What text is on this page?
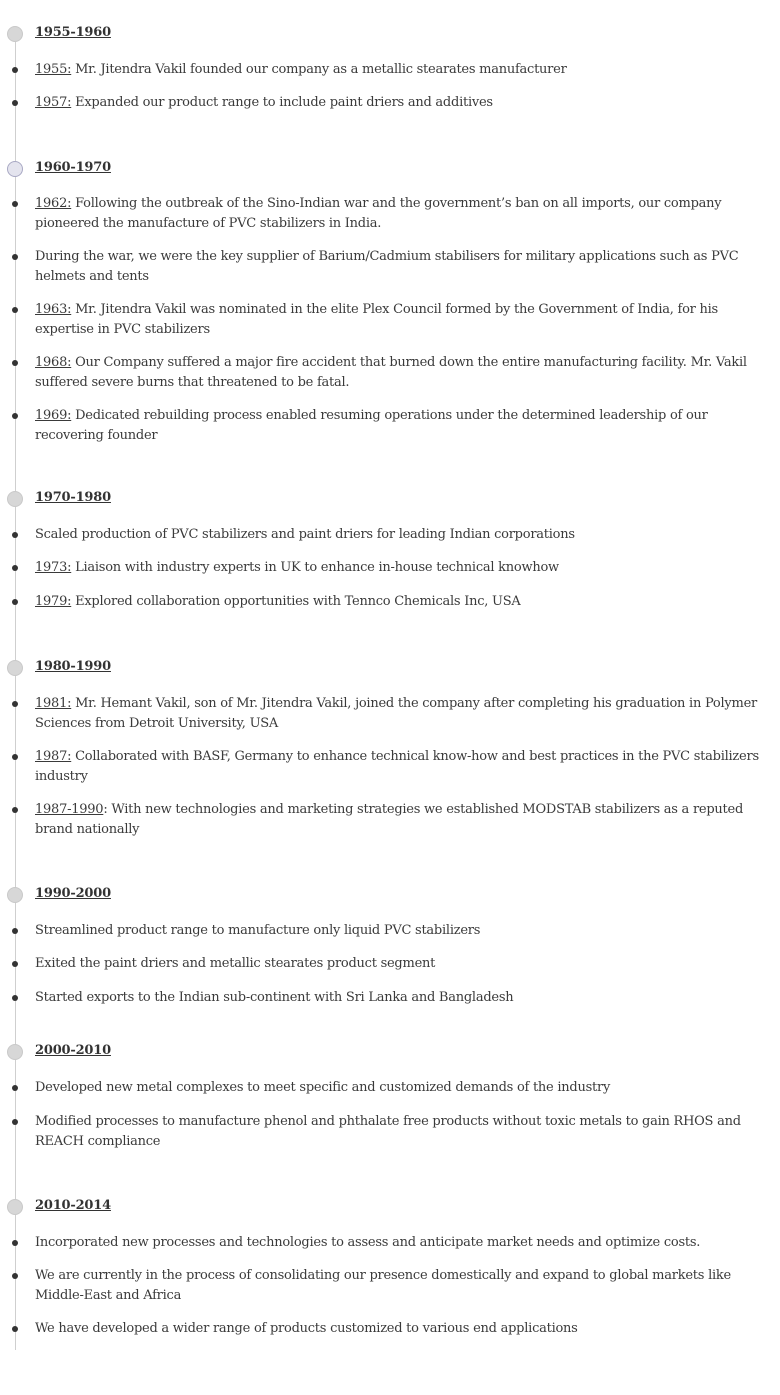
1955-1960
1955: Mr. Jitendra Vakil founded our company as a metallic stearates manufacturer
1957: Expanded our product range to include paint driers and additives
1960-1970
1962: Following the outbreak of the Sino-Indian war and the government’s ban on all imports, our company pioneered the manufacture of PVC stabilizers in India.
During the war, we were the key supplier of Barium/Cadmium stabilisers for military applications such as PVC helmets and tents
1963: Mr. Jitendra Vakil was nominated in the elite Plex Council formed by the Government of India, for his expertise in PVC stabilizers
1968: Our Company suffered a major fire accident that burned down the entire manufacturing facility. Mr. Vakil suffered severe burns that threatened to be fatal.
1969: Dedicated rebuilding process enabled resuming operations under the determined leadership of our recovering founder
1970-1980
Scaled production of PVC stabilizers and paint driers for leading Indian corporations
1973: Liaison with industry experts in UK to enhance in-house technical knowhow
1979: Explored collaboration opportunities with Tennco Chemicals Inc, USA
1980-1990
1981: Mr. Hemant Vakil, son of Mr. Jitendra Vakil, joined the company after completing his graduation in Polymer Sciences from Detroit University, USA
1987: Collaborated with BASF, Germany to enhance technical know-how and best practices in the PVC stabilizers industry
1987-1990: With new technologies and marketing strategies we established MODSTAB stabilizers as a reputed brand nationally
1990-2000
Streamlined product range to manufacture only liquid PVC stabilizers
Exited the paint driers and metallic stearates product segment
Started exports to the Indian sub-continent with Sri Lanka and Bangladesh
2000-2010
Developed new metal complexes to meet specific and customized demands of the industry
Modified processes to manufacture phenol and phthalate free products without toxic metals to gain RHOS and REACH compliance
2010-2014
Incorporated new processes and technologies to assess and anticipate market needs and optimize costs.
We are currently in the process of consolidating our presence domestically and expand to global markets like Middle-East and Africa
We have developed a wider range of products customized to various end applications
